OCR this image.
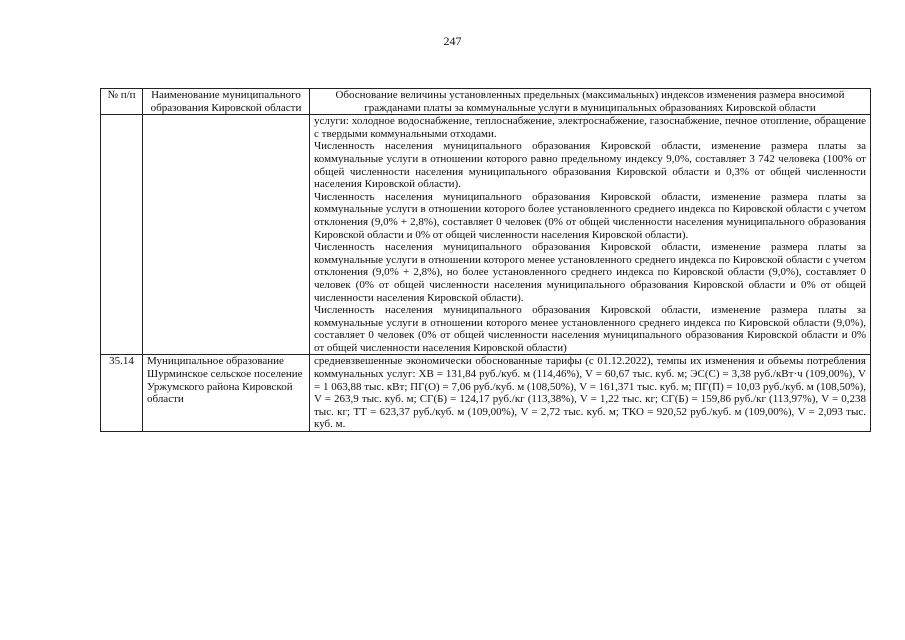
247
№ п/п	Наименование муниципального образования Кировской области	Обоснование величины установленных предельных (максимальных) индексов изменения размера вносимой гражданами платы за коммунальные услуги в муниципальных образованиях Кировской области

		услуги: холодное водоснабжение, теплоснабжение, электроснабжение, газоснабжение, печное отопление, обращение с твердыми коммунальными отходами.

Численность населения муниципального образования Кировской области, изменение размера платы за коммунальные услуги в отношении которого равно предельному индексу 9,0%, составляет 3 742 человека (100% от общей численности населения муниципального образования Кировской области и 0,3% от общей численности населения Кировской области).

Численность населения муниципального образования Кировской области, изменение размера платы за коммунальные услуги в отношении которого более установленного среднего индекса по Кировской области с учетом отклонения (9,0% + 2,8%), составляет 0 человек (0% от общей численности населения муниципального образования Кировской области и 0% от общей численности населения Кировской области).

Численность населения муниципального образования Кировской области, изменение размера платы за коммунальные услуги в отношении которого менее установленного среднего индекса по Кировской области с учетом отклонения (9,0% + 2,8%), но более установленного среднего индекса по Кировской области (9,0%), составляет 0 человек (0% от общей численности населения муниципального образования Кировской области и 0% от общей численности населения Кировской области).

Численность населения муниципального образования Кировской области, изменение размера платы за коммунальные услуги в отношении которого менее установленного среднего индекса по Кировской области (9,0%), составляет 0 человек (0% от общей численности населения муниципального образования Кировской области и 0% от общей численности населения Кировской области)

35.14	Муниципальное образование Шурминское сельское поселение Уржумского района Кировской области	средневзвешенные экономически обоснованные тарифы (с 01.12.2022), темпы их изменения и объемы потребления коммунальных услуг: ХВ = 131,84 руб./куб. м (114,46%), V = 60,67 тыс. куб. м; ЭС(С) = 3,38 руб./кВт·ч (109,00%), V = 1 063,88 тыс. кВт; ПГ(О) = 7,06 руб./куб. м (108,50%), V = 161,371 тыс. куб. м; ПГ(П) = 10,03 руб./куб. м (108,50%), V = 263,9 тыс. куб. м; СГ(Б) = 124,17 руб./кг (113,38%), V = 1,22 тыс. кг; СГ(Б) = 159,86 руб./кг (113,97%), V = 0,238 тыс. кг; ТТ = 623,37 руб./куб. м (109,00%), V = 2,72 тыс. куб. м; ТКО = 920,52 руб./куб. м (109,00%), V = 2,093 тыс. куб. м.
